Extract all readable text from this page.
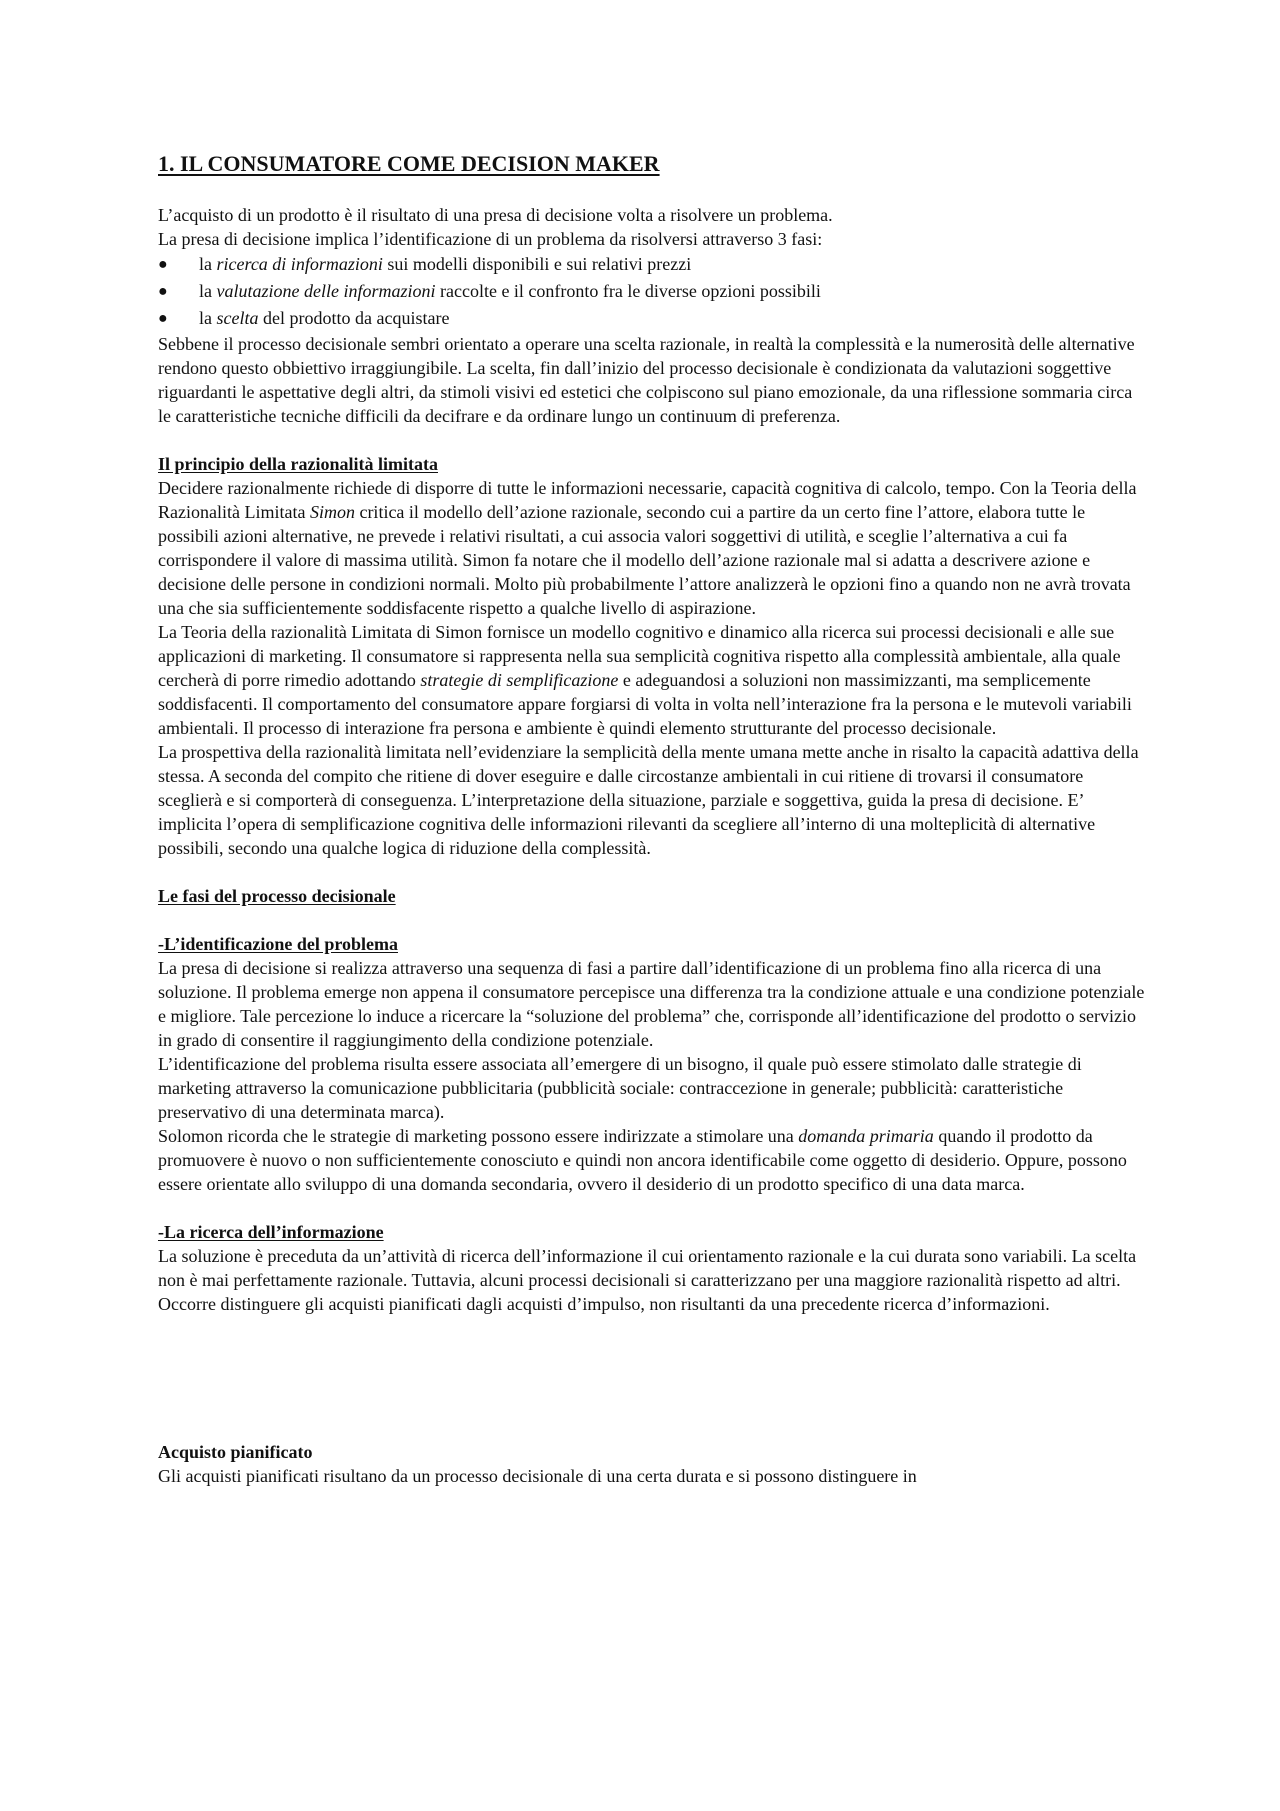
1. IL CONSUMATORE COME DECISION MAKER

L’acquisto di un prodotto è il risultato di una presa di decisione volta a risolvere un problema.

La presa di decisione implica l’identificazione di un problema da risolversi attraverso 3 fasi:

● la ricerca di informazioni sui modelli disponibili e sui relativi prezzi
● la valutazione delle informazioni raccolte e il confronto fra le diverse opzioni possibili
● la scelta del prodotto da acquistare

Sebbene il processo decisionale sembri orientato a operare una scelta razionale, in realtà la complessità e la numerosità delle alternative rendono questo obbiettivo irraggiungibile. La scelta, fin dall’inizio del processo decisionale è condizionata da valutazioni soggettive riguardanti le aspettative degli altri, da stimoli visivi ed estetici che colpiscono sul piano emozionale, da una riflessione sommaria circa le caratteristiche tecniche difficili da decifrare e da ordinare lungo un continuum di preferenza.

Il principio della razionalità limitata

Decidere razionalmente richiede di disporre di tutte le informazioni necessarie, capacità cognitiva di calcolo, tempo. Con la Teoria della Razionalità Limitata Simon critica il modello dell’azione razionale, secondo cui a partire da un certo fine l’attore, elabora tutte le possibili azioni alternative, ne prevede i relativi risultati, a cui associa valori soggettivi di utilità, e sceglie l’alternativa a cui fa corrispondere il valore di massima utilità. Simon fa notare che il modello dell’azione razionale mal si adatta a descrivere azione e decisione delle persone in condizioni normali. Molto più probabilmente l’attore analizzerà le opzioni fino a quando non ne avrà trovata una che sia sufficientemente soddisfacente rispetto a qualche livello di aspirazione.

La Teoria della razionalità Limitata di Simon fornisce un modello cognitivo e dinamico alla ricerca sui processi decisionali e alle sue applicazioni di marketing. Il consumatore si rappresenta nella sua semplicità cognitiva rispetto alla complessità ambientale, alla quale cercherà di porre rimedio adottando strategie di semplificazione e adeguandosi a soluzioni non massimizzanti, ma semplicemente soddisfacenti. Il comportamento del consumatore appare forgiarsi di volta in volta nell’interazione fra la persona e le mutevoli variabili ambientali. Il processo di interazione fra persona e ambiente è quindi elemento strutturante del processo decisionale.

La prospettiva della razionalità limitata nell’evidenziare la semplicità della mente umana mette anche in risalto la capacità adattiva della stessa. A seconda del compito che ritiene di dover eseguire e dalle circostanze ambientali in cui ritiene di trovarsi il consumatore sceglierà e si comporterà di conseguenza. L’interpretazione della situazione, parziale e soggettiva, guida la presa di decisione. E’ implicita l’opera di semplificazione cognitiva delle informazioni rilevanti da scegliere all’interno di una molteplicità di alternative possibili, secondo una qualche logica di riduzione della complessità.

Le fasi del processo decisionale

-L’identificazione del problema

La presa di decisione si realizza attraverso una sequenza di fasi a partire dall’identificazione di un problema fino alla ricerca di una soluzione. Il problema emerge non appena il consumatore percepisce una differenza tra la condizione attuale e una condizione potenziale e migliore. Tale percezione lo induce a ricercare la “soluzione del problema” che, corrisponde all’identificazione del prodotto o servizio in grado di consentire il raggiungimento della condizione potenziale.

L’identificazione del problema risulta essere associata all’emergere di un bisogno, il quale può essere stimolato dalle strategie di marketing attraverso la comunicazione pubblicitaria (pubblicità sociale: contraccezione in generale; pubblicità: caratteristiche preservativo di una determinata marca).

Solomon ricorda che le strategie di marketing possono essere indirizzate a stimolare una domanda primaria quando il prodotto da promuovere è nuovo o non sufficientemente conosciuto e quindi non ancora identificabile come oggetto di desiderio. Oppure, possono essere orientate allo sviluppo di una domanda secondaria, ovvero il desiderio di un prodotto specifico di una data marca.

-La ricerca dell’informazione

La soluzione è preceduta da un’attività di ricerca dell’informazione il cui orientamento razionale e la cui durata sono variabili. La scelta non è mai perfettamente razionale. Tuttavia, alcuni processi decisionali si caratterizzano per una maggiore razionalità rispetto ad altri. Occorre distinguere gli acquisti pianificati dagli acquisti d’impulso, non risultanti da una precedente ricerca d’informazioni.

Acquisto pianificato

Gli acquisti pianificati risultano da un processo decisionale di una certa durata e si possono distinguere in
